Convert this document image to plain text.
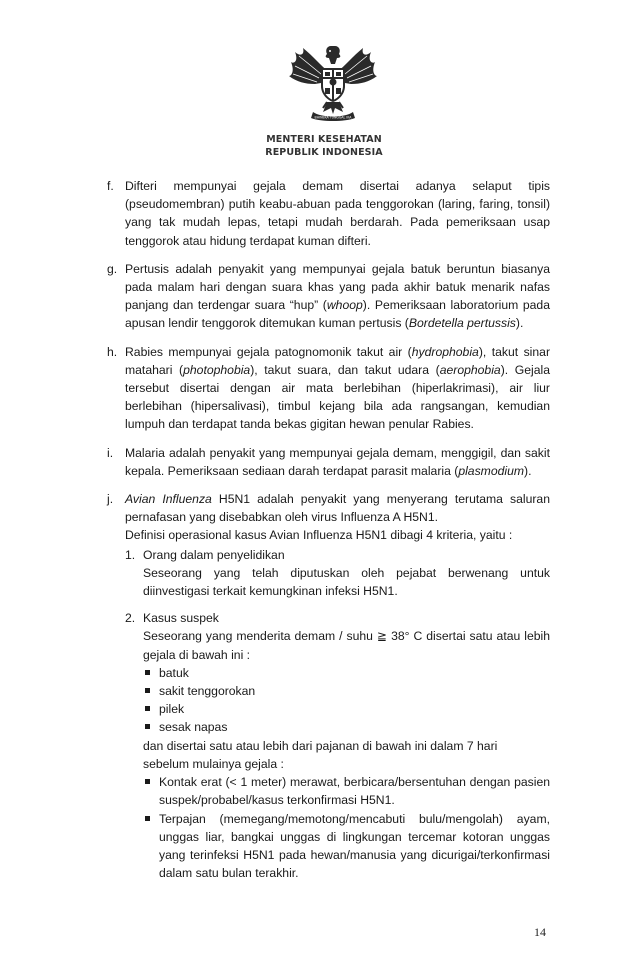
BHINEKA TUNGGAL IKA
MENTERI KESEHATAN
REPUBLIK INDONESIA
f. Difteri mempunyai gejala demam disertai adanya selaput tipis (pseudomembran) putih keabu-abuan pada tenggorokan (laring, faring, tonsil) yang tak mudah lepas, tetapi mudah berdarah. Pada pemeriksaan usap tenggorok atau hidung terdapat kuman difteri.

g. Pertusis adalah penyakit yang mempunyai gejala batuk beruntun biasanya pada malam hari dengan suara khas yang pada akhir batuk menarik nafas panjang dan terdengar suara “hup” (whoop). Pemeriksaan laboratorium pada apusan lendir tenggorok ditemukan kuman pertusis (Bordetella pertussis).

h. Rabies mempunyai gejala patognomonik takut air (hydrophobia), takut sinar matahari (photophobia), takut suara, dan takut udara (aerophobia). Gejala tersebut disertai dengan air mata berlebihan (hiperlakrimasi), air liur berlebihan (hipersalivasi), timbul kejang bila ada rangsangan, kemudian lumpuh dan terdapat tanda bekas gigitan hewan penular Rabies.

i. Malaria adalah penyakit yang mempunyai gejala demam, menggigil, dan sakit kepala. Pemeriksaan sediaan darah terdapat parasit malaria (plasmodium).

j. Avian Influenza H5N1 adalah penyakit yang menyerang terutama saluran pernafasan yang disebabkan oleh virus Influenza A H5N1.

Definisi operasional kasus Avian Influenza H5N1 dibagi 4 kriteria, yaitu :

1. Orang dalam penyelidikan

Seseorang yang telah diputuskan oleh pejabat berwenang untuk diinvestigasi terkait kemungkinan infeksi H5N1.

2. Kasus suspek

Seseorang yang menderita demam / suhu ≧ 38° C disertai satu atau lebih gejala di bawah ini :

batuk
sakit tenggorokan
pilek
sesak napas

dan disertai satu atau lebih dari pajanan di bawah ini dalam 7 hari

sebelum mulainya gejala :

Kontak erat (< 1 meter) merawat, berbicara/bersentuhan dengan pasien suspek/probabel/kasus terkonfirmasi H5N1.
Terpajan (memegang/memotong/mencabuti bulu/mengolah) ayam, unggas liar, bangkai unggas di lingkungan tercemar kotoran unggas yang terinfeksi H5N1 pada hewan/manusia yang dicurigai/terkonfirmasi dalam satu bulan terakhir.
14
